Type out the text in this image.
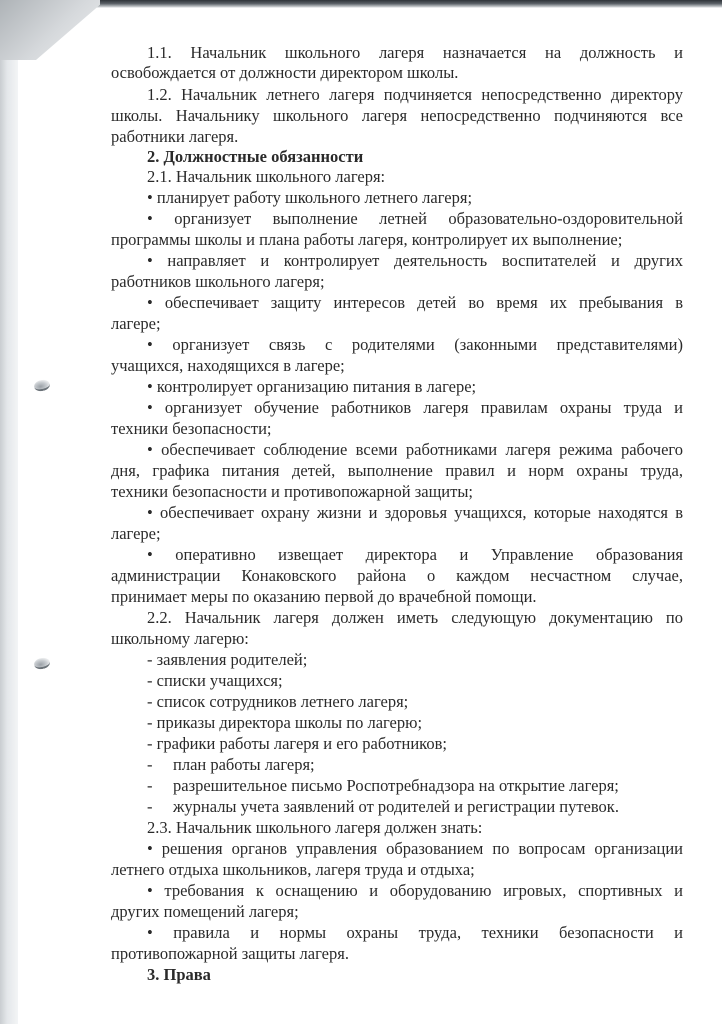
1.1. Начальник школьного лагеря назначается на должность и
освобождается от должности директором школы.
1.2. Начальник летнего лагеря подчиняется непосредственно директору
школы. Начальнику школьного лагеря непосредственно подчиняются все
работники лагеря.
2. Должностные обязанности
2.1. Начальник школьного лагеря:
• планирует работу школьного летнего лагеря;
• организует выполнение летней образовательно-оздоровительной
программы школы и плана работы лагеря, контролирует их выполнение;
• направляет и контролирует деятельность воспитателей и других
работников школьного лагеря;
• обеспечивает защиту интересов детей во время их пребывания в
лагере;
• организует связь с родителями (законными представителями)
учащихся, находящихся в лагере;
• контролирует организацию питания в лагере;
• организует обучение работников лагеря правилам охраны труда и
техники безопасности;
• обеспечивает соблюдение всеми работниками лагеря режима рабочего
дня, графика питания детей, выполнение правил и норм охраны труда,
техники безопасности и противопожарной защиты;
• обеспечивает охрану жизни и здоровья учащихся, которые находятся в
лагере;
• оперативно извещает директора и Управление образования
администрации Конаковского района о каждом несчастном случае,
принимает меры по оказанию первой до врачебной помощи.
2.2. Начальник лагеря должен иметь следующую документацию по
школьному лагерю:
- заявления родителей;
- списки учащихся;
- список сотрудников летнего лагеря;
- приказы директора школы по лагерю;
- графики работы лагеря и его работников;
- план работы лагеря;
- разрешительное письмо Роспотребнадзора на открытие лагеря;
- журналы учета заявлений от родителей и регистрации путевок.
2.3. Начальник школьного лагеря должен знать:
• решения органов управления образованием по вопросам организации
летнего отдыха школьников, лагеря труда и отдыха;
• требования к оснащению и оборудованию игровых, спортивных и
других помещений лагеря;
• правила и нормы охраны труда, техники безопасности и
противопожарной защиты лагеря.
3. Права
